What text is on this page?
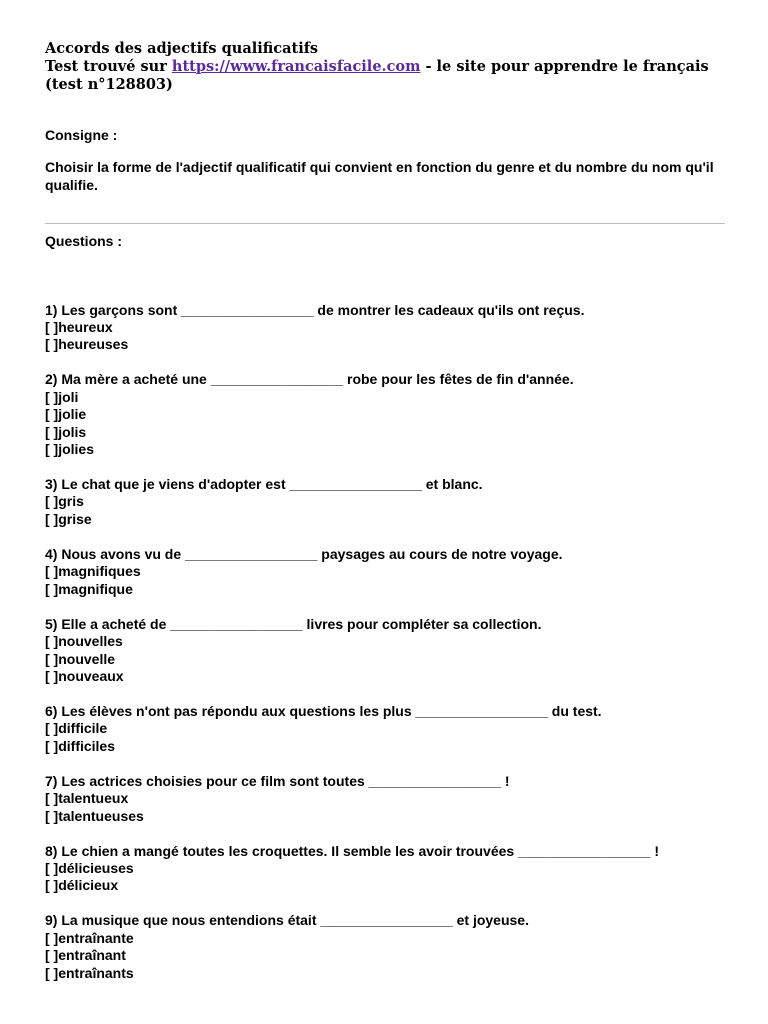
Accords des adjectifs qualificatifs
Test trouvé sur https://www.francaisfacile.com - le site pour apprendre le français
(test n°128803)
Consigne :
Choisir la forme de l'adjectif qualificatif qui convient en fonction du genre et du nombre du nom qu'il qualifie.
Questions :
1) Les garçons sont _________________ de montrer les cadeaux qu'ils ont reçus.
[ ]heureux
[ ]heureuses
2) Ma mère a acheté une _________________ robe pour les fêtes de fin d'année.
[ ]joli
[ ]jolie
[ ]jolis
[ ]jolies
3) Le chat que je viens d'adopter est _________________ et blanc.
[ ]gris
[ ]grise
4) Nous avons vu de _________________ paysages au cours de notre voyage.
[ ]magnifiques
[ ]magnifique
5) Elle a acheté de _________________ livres pour compléter sa collection.
[ ]nouvelles
[ ]nouvelle
[ ]nouveaux
6) Les élèves n'ont pas répondu aux questions les plus _________________ du test.
[ ]difficile
[ ]difficiles
7) Les actrices choisies pour ce film sont toutes _________________ !
[ ]talentueux
[ ]talentueuses
8) Le chien a mangé toutes les croquettes. Il semble les avoir trouvées _________________ !
[ ]délicieuses
[ ]délicieux
9) La musique que nous entendions était _________________ et joyeuse.
[ ]entraînante
[ ]entraînant
[ ]entraînants
